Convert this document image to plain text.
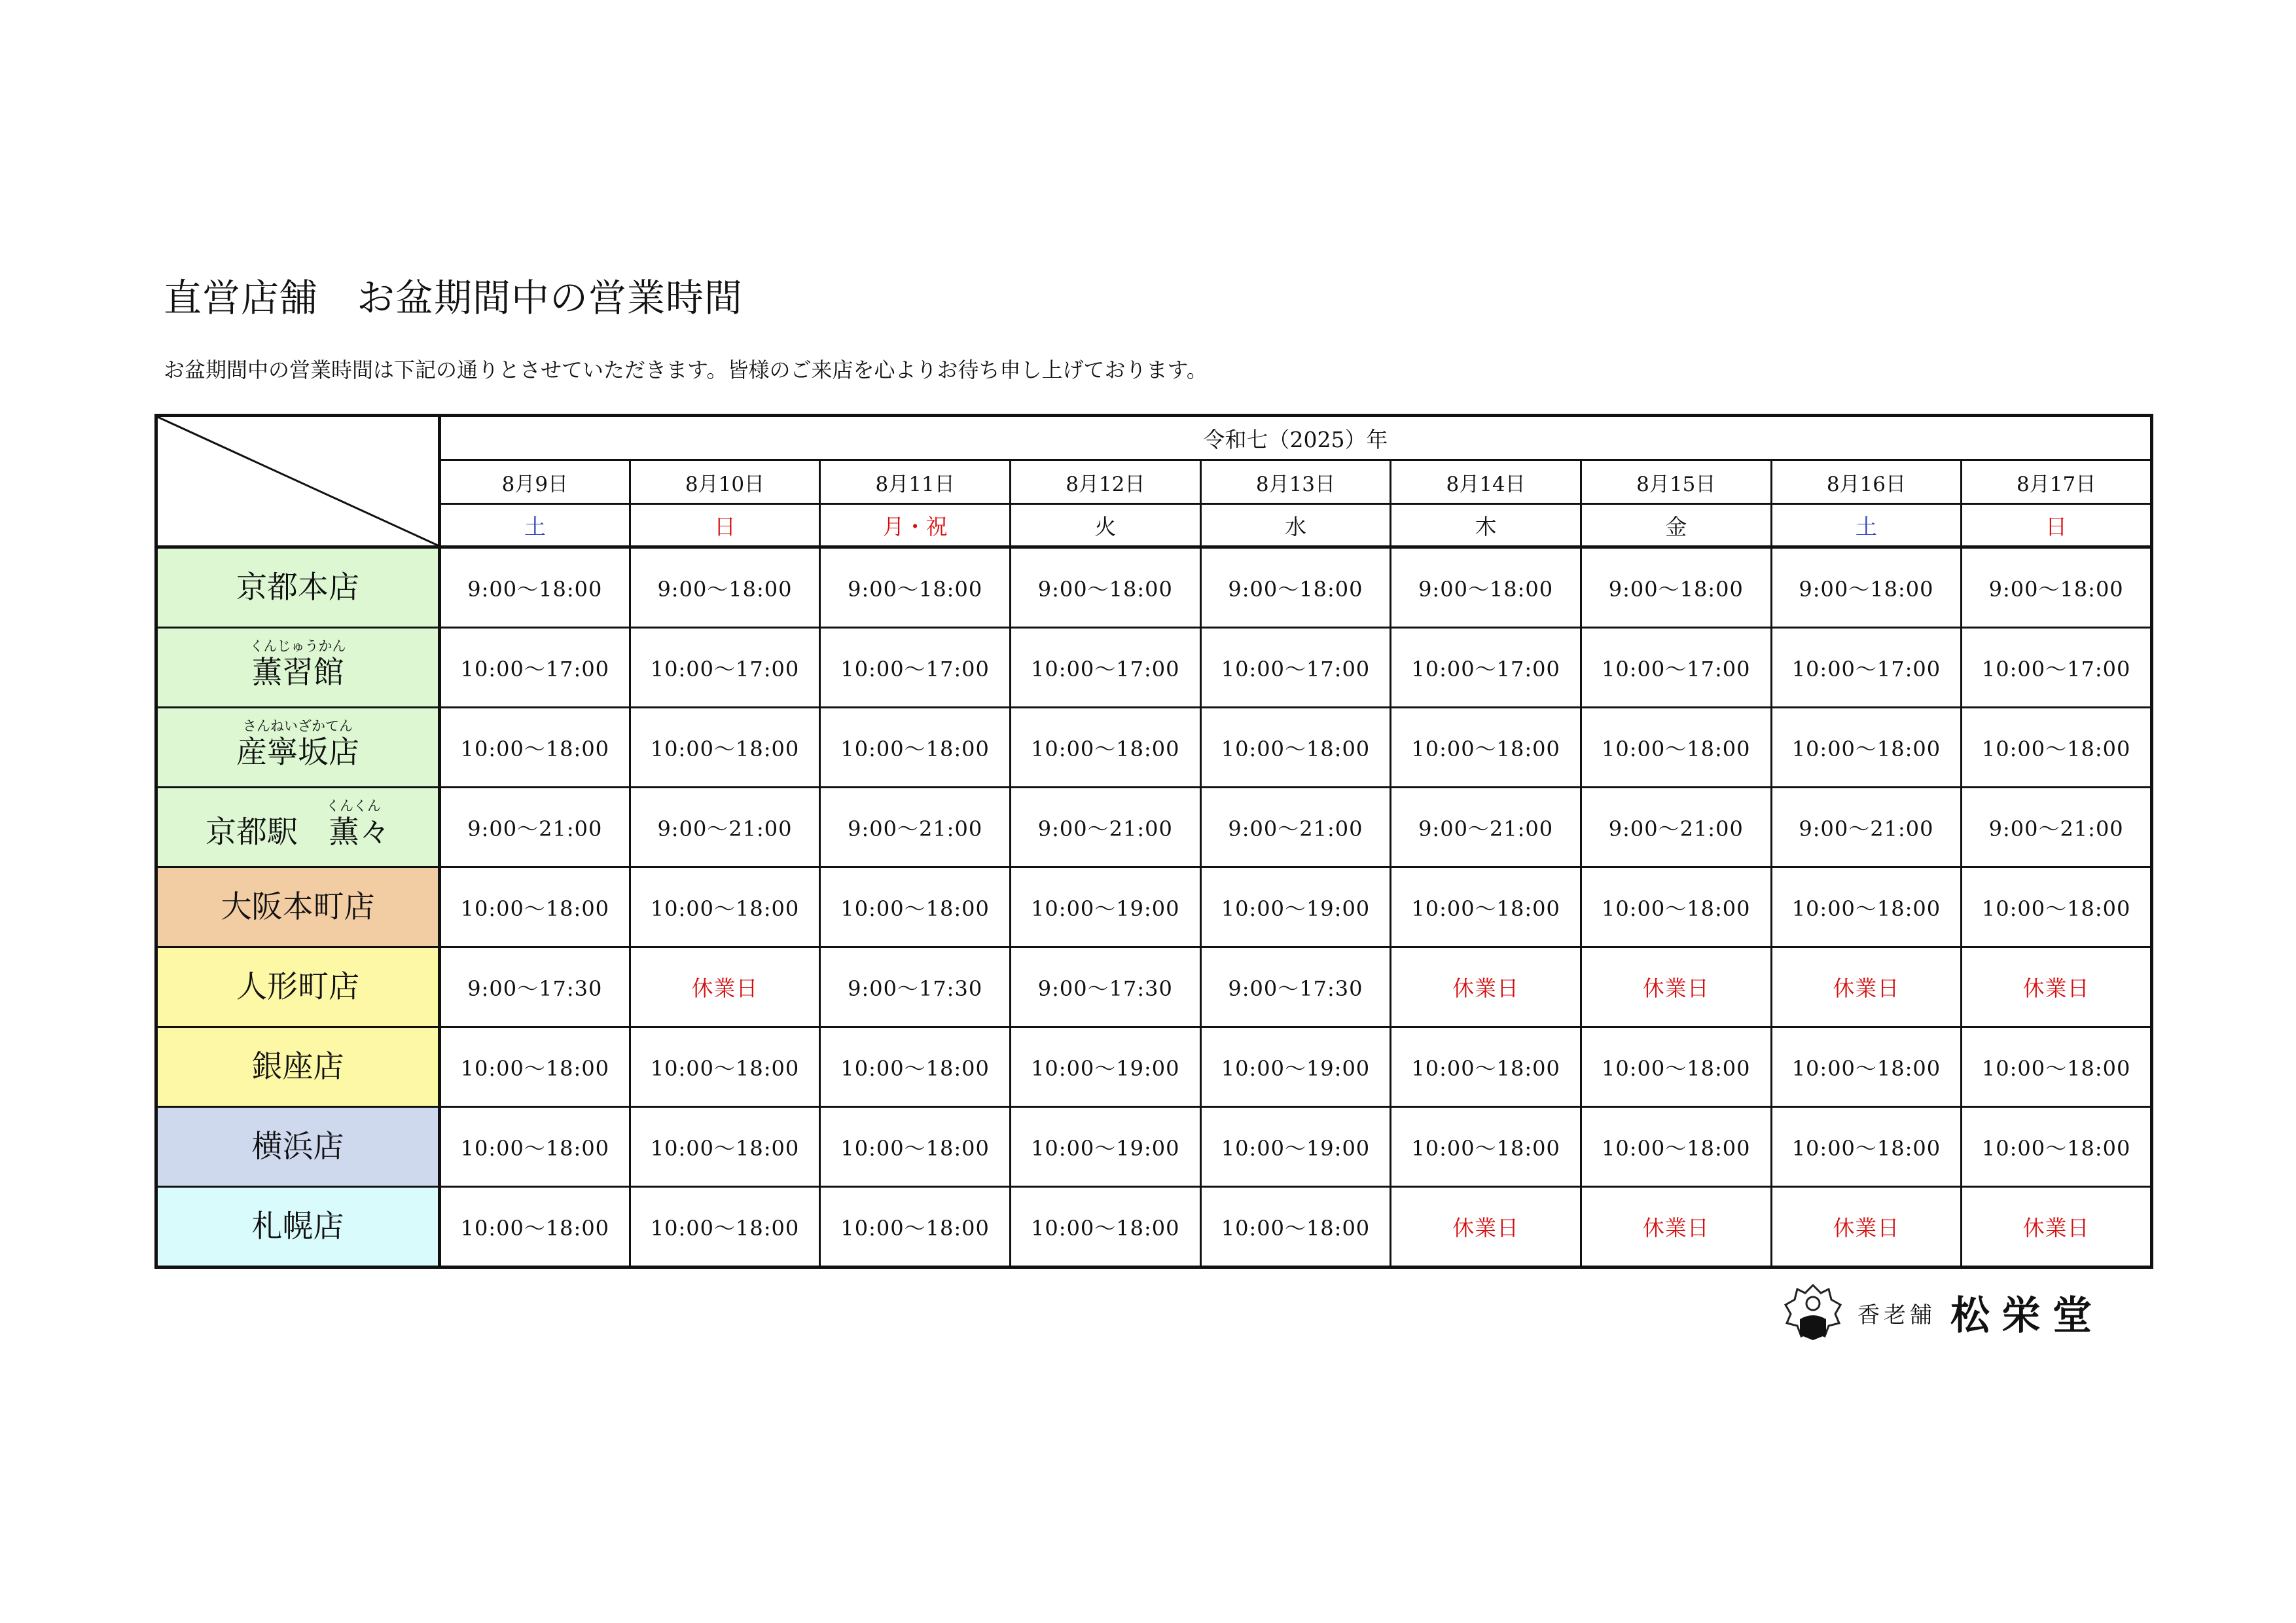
直営店舗　お盆期間中の営業時間
お盆期間中の営業時間は下記の通りとさせていただきます。皆様のご来店を心よりお待ち申し上げております。
	令和七（2025）年								
	8月9日	8月10日	8月11日	8月12日	8月13日	8月14日	8月15日	8月16日	8月17日
	土	日	月・祝	火	水	木	金	土	日

京都本店	9:00〜18:00	9:00〜18:00	9:00〜18:00	9:00〜18:00	9:00〜18:00	9:00〜18:00	9:00〜18:00	9:00〜18:00	9:00〜18:00

くんじゅうかん
薫習館	10:00〜17:00	10:00〜17:00	10:00〜17:00	10:00〜17:00	10:00〜17:00	10:00〜17:00	10:00〜17:00	10:00〜17:00	10:00〜17:00

さんねいざかてん
産寧坂店	10:00〜18:00	10:00〜18:00	10:00〜18:00	10:00〜18:00	10:00〜18:00	10:00〜18:00	10:00〜18:00	10:00〜18:00	10:00〜18:00

くんくん
京都駅　薫々	9:00〜21:00	9:00〜21:00	9:00〜21:00	9:00〜21:00	9:00〜21:00	9:00〜21:00	9:00〜21:00	9:00〜21:00	9:00〜21:00

大阪本町店	10:00〜18:00	10:00〜18:00	10:00〜18:00	10:00〜19:00	10:00〜19:00	10:00〜18:00	10:00〜18:00	10:00〜18:00	10:00〜18:00

人形町店	9:00〜17:30	休業日	9:00〜17:30	9:00〜17:30	9:00〜17:30	休業日	休業日	休業日	休業日

銀座店	10:00〜18:00	10:00〜18:00	10:00〜18:00	10:00〜19:00	10:00〜19:00	10:00〜18:00	10:00〜18:00	10:00〜18:00	10:00〜18:00

横浜店	10:00〜18:00	10:00〜18:00	10:00〜18:00	10:00〜19:00	10:00〜19:00	10:00〜18:00	10:00〜18:00	10:00〜18:00	10:00〜18:00

札幌店	10:00〜18:00	10:00〜18:00	10:00〜18:00	10:00〜18:00	10:00〜18:00	休業日	休業日	休業日	休業日
香老舗 松栄堂
